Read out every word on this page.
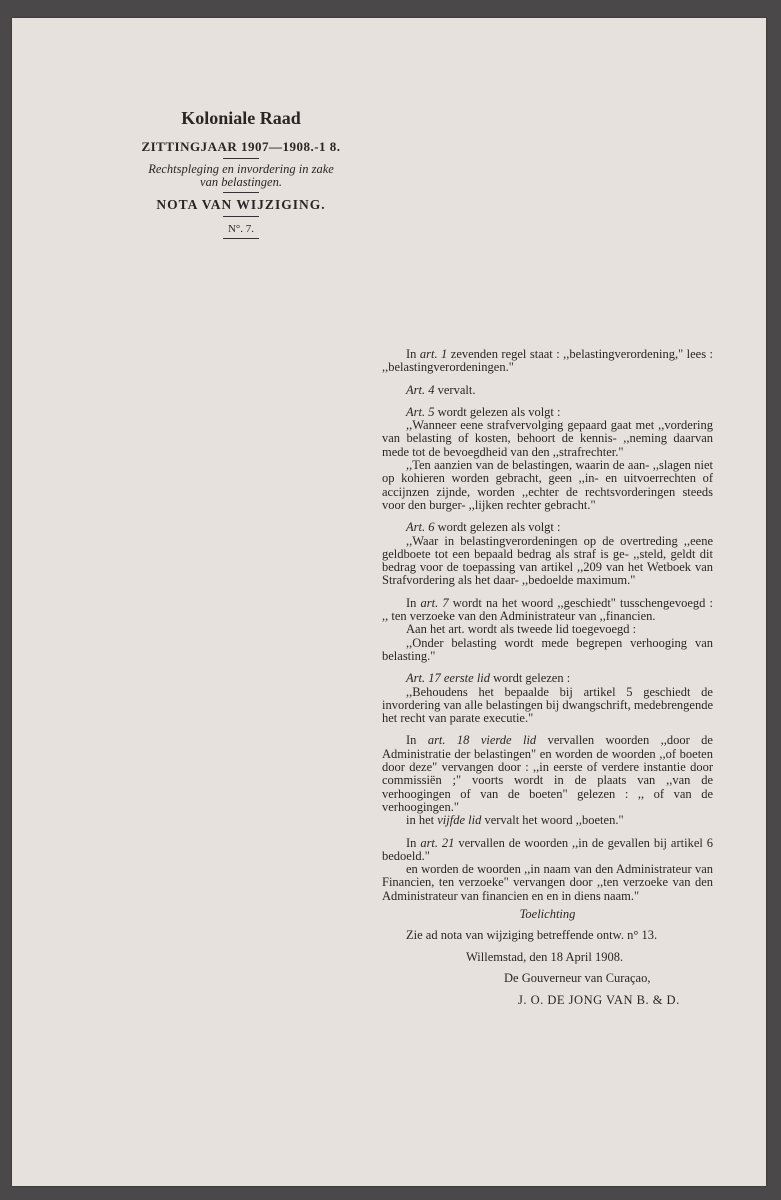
Koloniale Raad
ZITTINGJAAR 1907—1908.-1 8.
Rechtspleging en invordering in zake
van belastingen.
NOTA VAN WIJZIGING.
N°. 7.
In art. 1 zevenden regel staat : ,,belastingverordening," lees : ,,belastingverordeningen."
Art. 4 vervalt.

Art. 5 wordt gelezen als volgt :

,,Wanneer eene strafvervolging gepaard gaat met ,,vordering van belasting of kosten, behoort de kennis- ,,neming daarvan mede tot de bevoegdheid van den ,,strafrechter."

,,Ten aanzien van de belastingen, waarin de aan- ,,slagen niet op kohieren worden gebracht, geen ,,in- en uitvoerrechten of accijnzen zijnde, worden ,,echter de rechtsvorderingen steeds voor den burger- ,,lijken rechter gebracht."

Art. 6 wordt gelezen als volgt :

,,Waar in belastingverordeningen op de overtreding ,,eene geldboete tot een bepaald bedrag als straf is ge- ,,steld, geldt dit bedrag voor de toepassing van artikel ,,209 van het Wetboek van Strafvordering als het daar- ,,bedoelde maximum."

In art. 7 wordt na het woord ,,geschiedt" tusschengevoegd : ,, ten verzoeke van den Administrateur van ,,financien.

Aan het art. wordt als tweede lid toegevoegd :

,,Onder belasting wordt mede begrepen verhooging van belasting."

Art. 17 eerste lid wordt gelezen :

,,Behoudens het bepaalde bij artikel 5 geschiedt de invordering van alle belastingen bij dwangschrift, medebrengende het recht van parate executie."

In art. 18 vierde lid vervallen woorden ,,door de Administratie der belastingen" en worden de woorden ,,of boeten door deze" vervangen door : ,,in eerste of verdere instantie door commissiën ;" voorts wordt in de plaats van ,,van de verhoogingen of van de boeten" gelezen : ,, of van de verhoogingen."

in het vijfde lid vervalt het woord ,,boeten."

In art. 21 vervallen de woorden ,,in de gevallen bij artikel 6 bedoeld."

en worden de woorden ,,in naam van den Administrateur van Financien, ten verzoeke" vervangen door ,,ten verzoeke van den Administrateur van financien en en in diens naam."

Toelichting
Zie ad nota van wijziging betreffende ontw. n° 13.
Willemstad, den 18 April 1908.
De Gouverneur van Curaçao,
J. O. DE JONG VAN B. & D.
